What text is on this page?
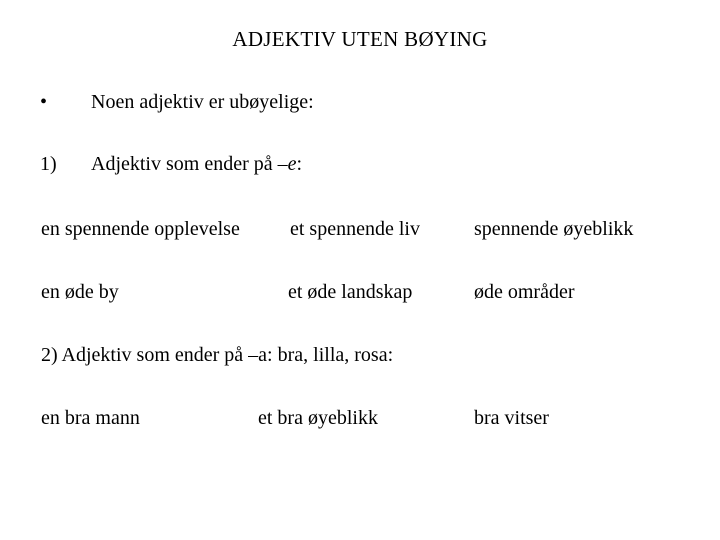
ADJEKTIV UTEN BØYING
• Noen adjektiv er ubøyelige:
1) Adjektiv som ender på –e:
en spennende opplevelse	et spennende liv	spennende øyeblikk
en øde by	et øde landskap	øde områder
2) Adjektiv som ender på –a: bra, lilla, rosa:
en bra mann	et bra øyeblikk	bra vitser
